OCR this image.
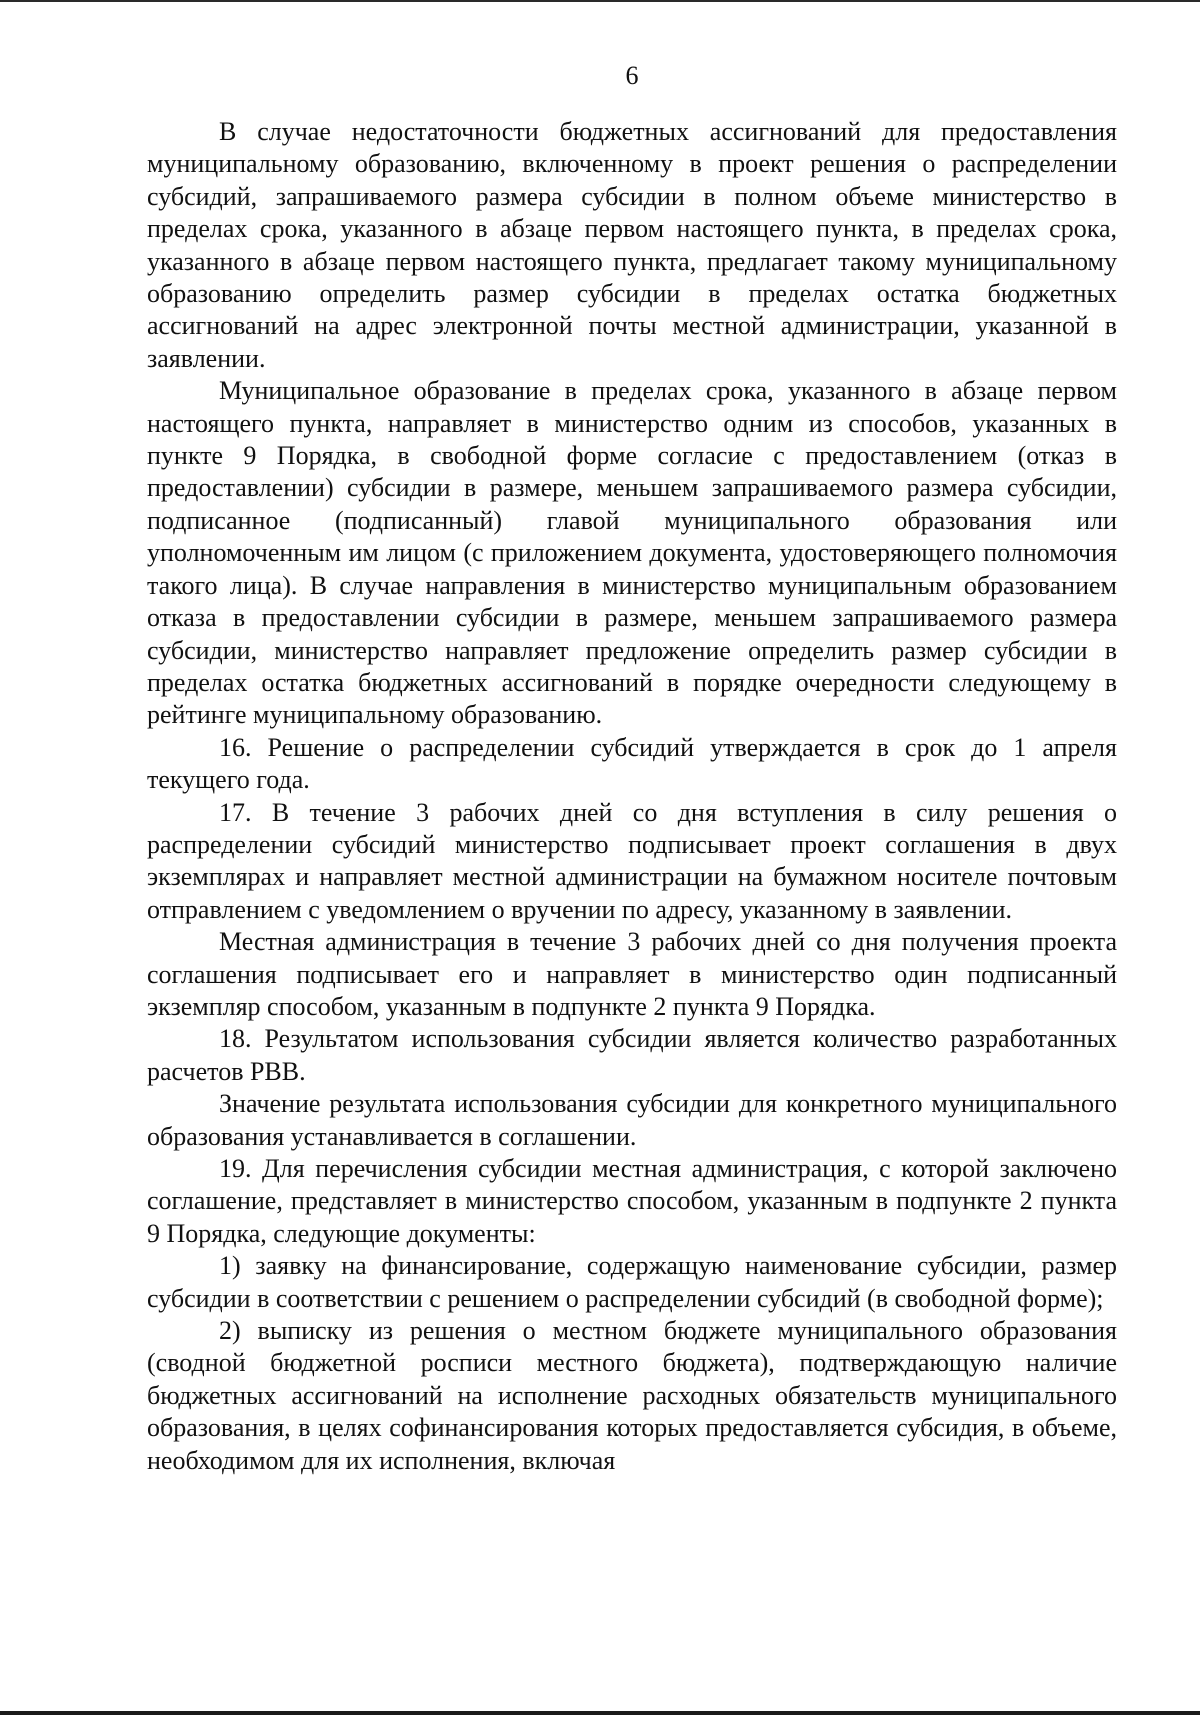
6

В случае недостаточности бюджетных ассигнований для предоставления муниципальному образованию, включенному в проект решения о распределении субсидий, запрашиваемого размера субсидии в полном объеме министерство в пределах срока, указанного в абзаце первом настоящего пункта, в пределах срока, указанного в абзаце первом настоящего пункта, предлагает такому муниципальному образованию определить размер субсидии в пределах остатка бюджетных ассигнований на адрес электронной почты местной администрации, указанной в заявлении.

Муниципальное образование в пределах срока, указанного в абзаце первом настоящего пункта, направляет в министерство одним из способов, указанных в пункте 9 Порядка, в свободной форме согласие с предоставлением (отказ в предоставлении) субсидии в размере, меньшем запрашиваемого размера субсидии, подписанное (подписанный) главой муниципального образования или уполномоченным им лицом (с приложением документа, удостоверяющего полномочия такого лица). В случае направления в министерство муниципальным образованием отказа в предоставлении субсидии в размере, меньшем запрашиваемого размера субсидии, министерство направляет предложение определить размер субсидии в пределах остатка бюджетных ассигнований в порядке очередности следующему в рейтинге муниципальному образованию.

16. Решение о распределении субсидий утверждается в срок до 1 апреля текущего года.

17. В течение 3 рабочих дней со дня вступления в силу решения о распределении субсидий министерство подписывает проект соглашения в двух экземплярах и направляет местной администрации на бумажном носителе почтовым отправлением с уведомлением о вручении по адресу, указанному в заявлении.

Местная администрация в течение 3 рабочих дней со дня получения проекта соглашения подписывает его и направляет в министерство один подписанный экземпляр способом, указанным в подпункте 2 пункта 9 Порядка.

18. Результатом использования субсидии является количество разработанных расчетов РВВ.

Значение результата использования субсидии для конкретного муниципального образования устанавливается в соглашении.

19. Для перечисления субсидии местная администрация, с которой заключено соглашение, представляет в министерство способом, указанным в подпункте 2 пункта 9 Порядка, следующие документы:

1) заявку на финансирование, содержащую наименование субсидии, размер субсидии в соответствии с решением о распределении субсидий (в свободной форме);

2) выписку из решения о местном бюджете муниципального образования (сводной бюджетной росписи местного бюджета), подтверждающую наличие бюджетных ассигнований на исполнение расходных обязательств муниципального образования, в целях софинансирования которых предоставляется субсидия, в объеме, необходимом для их исполнения, включая
